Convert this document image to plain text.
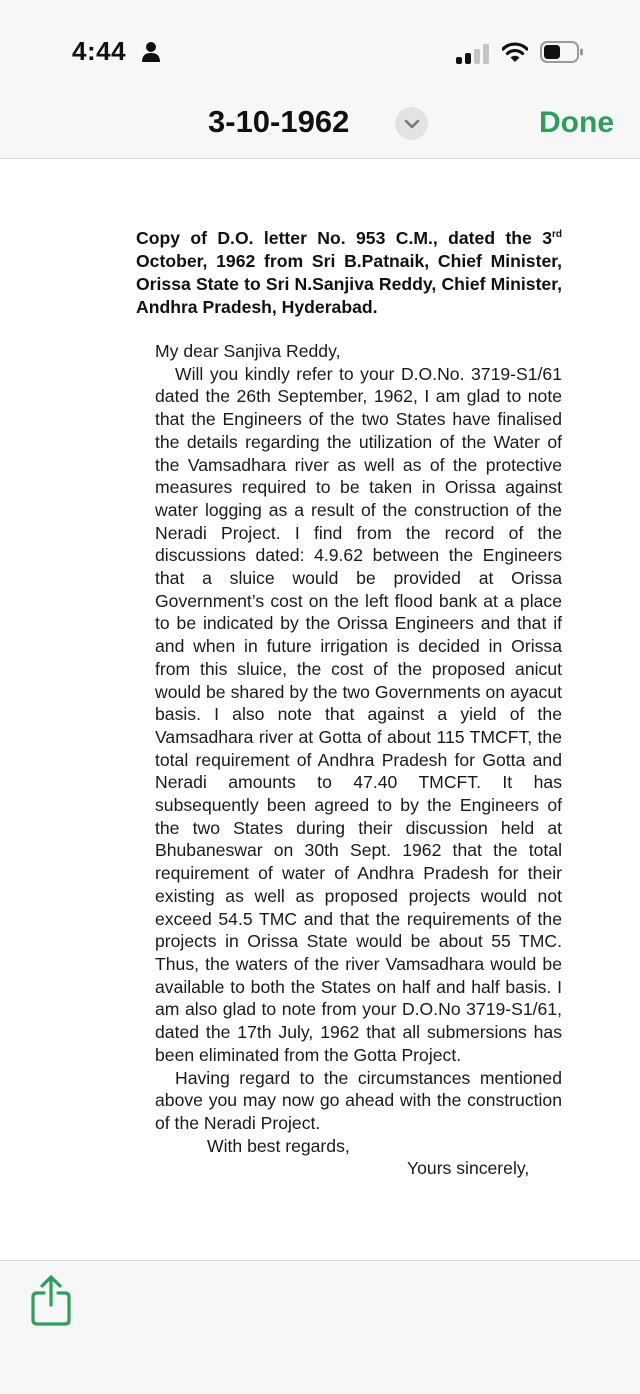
4:44
3-10-1962	Done
Copy of D.O. letter No. 953 C.M., dated the 3rd October, 1962 from Sri B.Patnaik, Chief Minister, Orissa State to Sri N.Sanjiva Reddy, Chief Minister, Andhra Pradesh, Hyderabad.

My dear Sanjiva Reddy,

Will you kindly refer to your D.O.No. 3719-S1/61 dated the 26th September, 1962, I am glad to note that the Engineers of the two States have finalised the details regarding the utilization of the Water of the Vamsadhara river as well as of the protective measures required to be taken in Orissa against water logging as a result of the construction of the Neradi Project. I find from the record of the discussions dated: 4.9.62 between the Engineers that a sluice would be provided at Orissa Government’s cost on the left flood bank at a place to be indicated by the Orissa Engineers and that if and when in future irrigation is decided in Orissa from this sluice, the cost of the proposed anicut would be shared by the two Governments on ayacut basis. I also note that against a yield of the Vamsadhara river at Gotta of about 115 TMCFT, the total requirement of Andhra Pradesh for Gotta and Neradi amounts to 47.40 TMCFT. It has subsequently been agreed to by the Engineers of the two States during their discussion held at Bhubaneswar on 30th Sept. 1962 that the total requirement of water of Andhra Pradesh for their existing as well as proposed projects would not exceed 54.5 TMC and that the requirements of the projects in Orissa State would be about 55 TMC. Thus, the waters of the river Vamsadhara would be available to both the States on half and half basis. I am also glad to note from your D.O.No 3719-S1/61, dated the 17th July, 1962 that all submersions has been eliminated from the Gotta Project.

Having regard to the circumstances mentioned above you may now go ahead with the construction of the Neradi Project.

With best regards,

Yours sincerely,
